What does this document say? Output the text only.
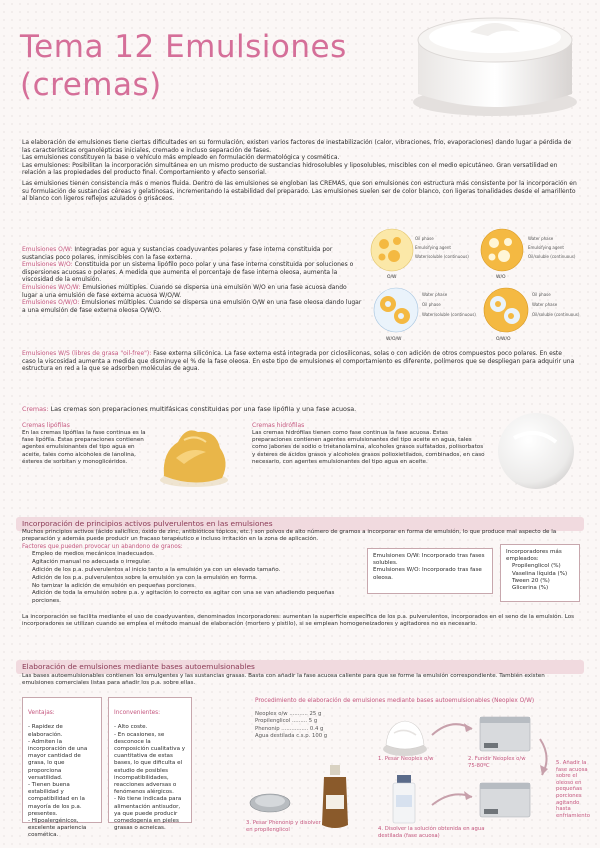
Tema 12 Emulsiones
(cremas)
La elaboración de emulsiones tiene ciertas dificultades en su formulación, existen varios factores de inestabilización (calor, vibraciones, frío, evaporaciones) dando lugar a pérdida de las características organolépticas iniciales, cremado e incluso separación de fases.
Las emulsiones constituyen la base o vehículo más empleado en formulación dermatológica y cosmética.
Las emulsiones: Posibilitan la incorporación simultánea en un mismo producto de sustancias hidrosolubles y liposolubles, miscibles con el medio epicutáneo. Gran versatilidad en relación a las propiedades del producto final. Comportamiento y efecto sensorial.
Las emulsiones tienen consistencia más o menos fluida. Dentro de las emulsiones se engloban las CREMAS, que son emulsiones con estructura más consistente por la incorporación en su formulación de sustancias céreas y gelatinosas, incrementando la estabilidad del preparado. Las emulsiones suelen ser de color blanco, con ligeras tonalidades desde el amarillento al blanco con ligeros reflejos azulados o grisáceos.
Emulsiones O/W: Integradas por agua y sustancias coadyuvantes polares y fase interna constituida por sustancias poco polares, inmiscibles con la fase externa.
Emulsiones W/O: Constituida por un sistema lipófilo poco polar y una fase interna constituida por soluciones o dispersiones acuosas o polares. A medida que aumenta el porcentaje de fase interna oleosa, aumenta la viscosidad de la emulsión.
Emulsiones W/O/W: Emulsiones múltiples. Cuando se dispersa una emulsión W/O en una fase acuosa dando lugar a una emulsión de fase externa acuosa W/O/W.
Emulsiones O/W/O: Emulsiones múltiples. Cuando se dispersa una emulsión O/W en una fase oleosa dando lugar a una emulsión de fase externa oleosa O/W/O.
Oil phase
Emulsifying agent
Water/soluble (continuous)
O/W
Water phase
Emulsifying agent
Oil/soluble (continuous)
W/O
Water phase
Oil phase
Water/soluble (continuous)
W/O/W
Oil phase
Water phase
Oil/soluble (continuous)
O/W/O
Emulsiones W/S (libres de grasa "oil-free"): Fase externa silicónica. La fase externa está integrada por ciclosiliconas, solas o con adición de otros compuestos poco polares. En este caso la viscosidad aumenta a medida que disminuye el % de la fase oleosa. En este tipo de emulsiones el comportamiento es diferente, polímeros que se despliegan para adquirir una estructura en red a la que se adsorben moléculas de agua.
Cremas: Las cremas son preparaciones multifásicas constituidas por una fase lipófila y una fase acuosa.
Cremas lipófilas
En las cremas lipófilas la fase continua es la fase lipófila. Estas preparaciones contienen agentes emulsionantes del tipo agua en aceite, tales como alcoholes de lanolina, ésteres de sorbitan y monoglicéridos.
Cremas hidrófilas
Las cremas hidrófilas tienen como fase continua la fase acuosa. Estas preparaciones contienen agentes emulsionantes del tipo aceite en agua, tales como jabones de sodio o trietanolamina, alcoholes grasos sulfatados, polisorbatos y ésteres de ácidos grasos y alcoholes grasos polioxietilados, combinados, en caso necesario, con agentes emulsionantes del tipo agua en aceite.
Incorporación de principios activos pulverulentos en las emulsiones
Muchos principios activos (ácido salicílico, óxido de zinc, antibióticos tópicos, etc.) son polvos de alto número de gramos a incorporar en forma de emulsión, lo que produce mal aspecto de la preparación y además puede producir un fracaso terapéutico e incluso irritación en la zona de aplicación.
Factores que pueden provocar un abandono de granos:
Empleo de medios mecánicos inadecuados.
Agitación manual no adecuada o irregular.
Adición de los p.a. pulverulentos al inicio tanto a la emulsión ya con un elevado tamaño.
Adición de los p.a. pulverulentos sobre la emulsión ya con la emulsión en forma.
No tamizar la adición de emulsión en pequeñas porciones.
Adición de toda la emulsión sobre p.a. y agitación lo correcto es agitar con una se van añadiendo pequeñas porciones.
Emulsiones O/W: Incorporado tras fases solubles.
Emulsiones W/O: Incorporado tras fase oleosa.
Incorporadores más empleados:
Propilenglicol (%)
Vaselina líquida (%)
Tween 20 (%)
Glicerina (%)
La incorporación se facilita mediante el uso de coadyuvantes, denominados incorporadores: aumentan la superficie específica de los p.a. pulverulentos, incorporados en el seno de la emulsión. Los incorporadores se utilizan cuando se emplea el método manual de elaboración (mortero y pistilo), si se emplean homogeneizadores y agitadores no es necesario.
Elaboración de emulsiones mediante bases autoemulsionables
Las bases autoemulsionables contienen los emulgentes y las sustancias grasas. Basta con añadir la fase acuosa caliente para que se forme la emulsión correspondiente. También existen emulsiones comerciales listas para añadir los p.a. sobre ellas.

Ventajas:

- Rapidez de elaboración.
- Admiten la incorporación de una mayor cantidad de grasa, lo que proporciona versatilidad.
- Tienen buena estabilidad y compatibilidad en la mayoría de los p.a. presentes.
- Hipoalergénicos, excelente apariencia cosmética.

Inconvenientes:

- Alto coste.
- En ocasiones, se desconoce la composición cualitativa y cuantitativa de estas bases, lo que dificulta el estudio de posibles incompatibilidades, reacciones adversas o fenómenos alérgicos.
- No tiene indicada para alimentación antisudor, ya que puede producir comedogenia en pieles grasas o acneicas.

Procedimiento de elaboración de emulsiones mediante bases autoemulsionables (Neoplex O/W)
Neoplex o/w ........... 25 g
Propilenglicol ......... 5 g
Phenonip ................ 0.4 g
Agua destilada c.s.p. 100 g
1. Pesar Neoplex o/w	2. Fundir Neoplex o/w 75-80ºC
3. Pesar Phenonip y disolver en propilenglicol	4. Disolver la solución obtenida en agua destilada (fase acuosa)
5. Añadir la fase acuosa sobre el oleoso en pequeñas porciones agitando hasta enfriamiento
